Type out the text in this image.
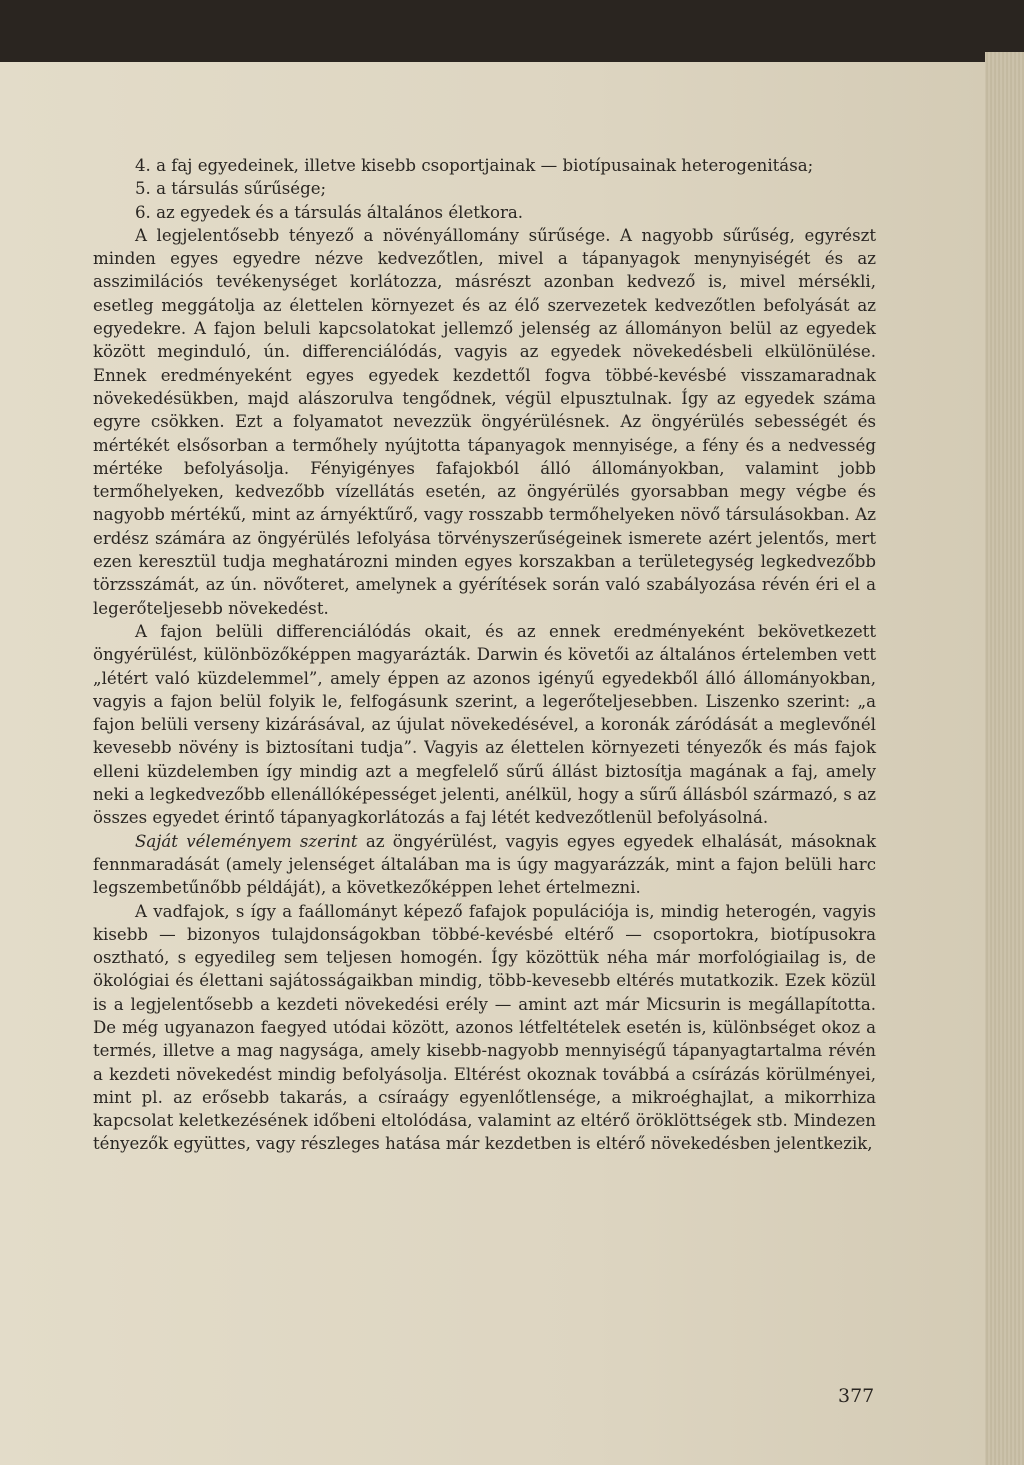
4. a faj egyedeinek, illetve kisebb csoportjainak — biotípusainak heterogenitása;

5. a társulás sűrűsége;

6. az egyedek és a társulás általános életkora.

A legjelentősebb tényező a növényállomány sűrűsége. A nagyobb sűrűség, egyrészt minden egyes egyedre nézve kedvezőtlen, mivel a tápanyagok menynyiségét és az asszimilációs tevékenységet korlátozza, másrészt azonban kedvező is, mivel mérsékli, esetleg meggátolja az élettelen környezet és az élő szervezetek kedvezőtlen befolyását az egyedekre. A fajon beluli kapcsolatokat jellemző jelenség az állományon belül az egyedek között meginduló, ún. differenciálódás, vagyis az egyedek növekedésbeli elkülönülése. Ennek eredményeként egyes egyedek kezdettől fogva többé-kevésbé visszamaradnak növekedésükben, majd alászorulva tengődnek, végül elpusztulnak. Így az egyedek száma egyre csökken. Ezt a folyamatot nevezzük öngyérülésnek. Az öngyérülés sebességét és mértékét elsősorban a termőhely nyújtotta tápanyagok mennyisége, a fény és a nedvesség mértéke befolyásolja. Fényigényes fafajokból álló állományokban, valamint jobb termőhelyeken, kedvezőbb vízellátás esetén, az öngyérülés gyorsabban megy végbe és nagyobb mértékű, mint az árnyéktűrő, vagy rosszabb termőhelyeken növő társulásokban. Az erdész számára az öngyérülés lefolyása törvényszerűségeinek ismerete azért jelentős, mert ezen keresztül tudja meghatározni minden egyes korszakban a területegység legkedvezőbb törzsszámát, az ún. növőteret, amelynek a gyérítések során való szabályozása révén éri el a legerőteljesebb növekedést.

A fajon belüli differenciálódás okait, és az ennek eredményeként bekövetkezett öngyérülést, különbözőképpen magyarázták. Darwin és követői az általános értelemben vett „létért való küzdelemmel”, amely éppen az azonos igényű egyedekből álló állományokban, vagyis a fajon belül folyik le, felfogásunk szerint, a legerőteljesebben. Liszenko szerint: „a fajon belüli verseny kizárásával, az újulat növekedésével, a koronák záródását a meglevőnél kevesebb növény is biztosítani tudja”. Vagyis az élettelen környezeti tényezők és más fajok elleni küzdelemben így mindig azt a megfelelő sűrű állást biztosítja magának a faj, amely neki a legkedvezőbb ellenállóképességet jelenti, anélkül, hogy a sűrű állásból származó, s az összes egyedet érintő tápanyagkorlátozás a faj létét kedvezőtlenül befolyásolná.

Saját véleményem szerint az öngyérülést, vagyis egyes egyedek elhalását, másoknak fennmaradását (amely jelenséget általában ma is úgy magyarázzák, mint a fajon belüli harc legszembetűnőbb példáját), a következőképpen lehet értelmezni.

A vadfajok, s így a faállományt képező fafajok populációja is, mindig heterogén, vagyis kisebb — bizonyos tulajdonságokban többé-kevésbé eltérő — csoportokra, biotípusokra osztható, s egyedileg sem teljesen homogén. Így közöttük néha már morfológiailag is, de ökológiai és élettani sajátosságaikban mindig, több-kevesebb eltérés mutatkozik. Ezek közül is a legjelentősebb a kezdeti növekedési erély — amint azt már Micsurin is megállapította. De még ugyanazon faegyed utódai között, azonos létfeltételek esetén is, különbséget okoz a termés, illetve a mag nagysága, amely kisebb-nagyobb mennyiségű tápanyagtartalma révén a kezdeti növekedést mindig befolyásolja. Eltérést okoznak továbbá a csírázás körülményei, mint pl. az erősebb takarás, a csíraágy egyenlőtlensége, a mikroéghajlat, a mikorrhiza kapcsolat keletkezésének időbeni eltolódása, valamint az eltérő öröklöttségek stb. Mindezen tényezők együttes, vagy részleges hatása már kezdetben is eltérő növekedésben jelentkezik,

377
